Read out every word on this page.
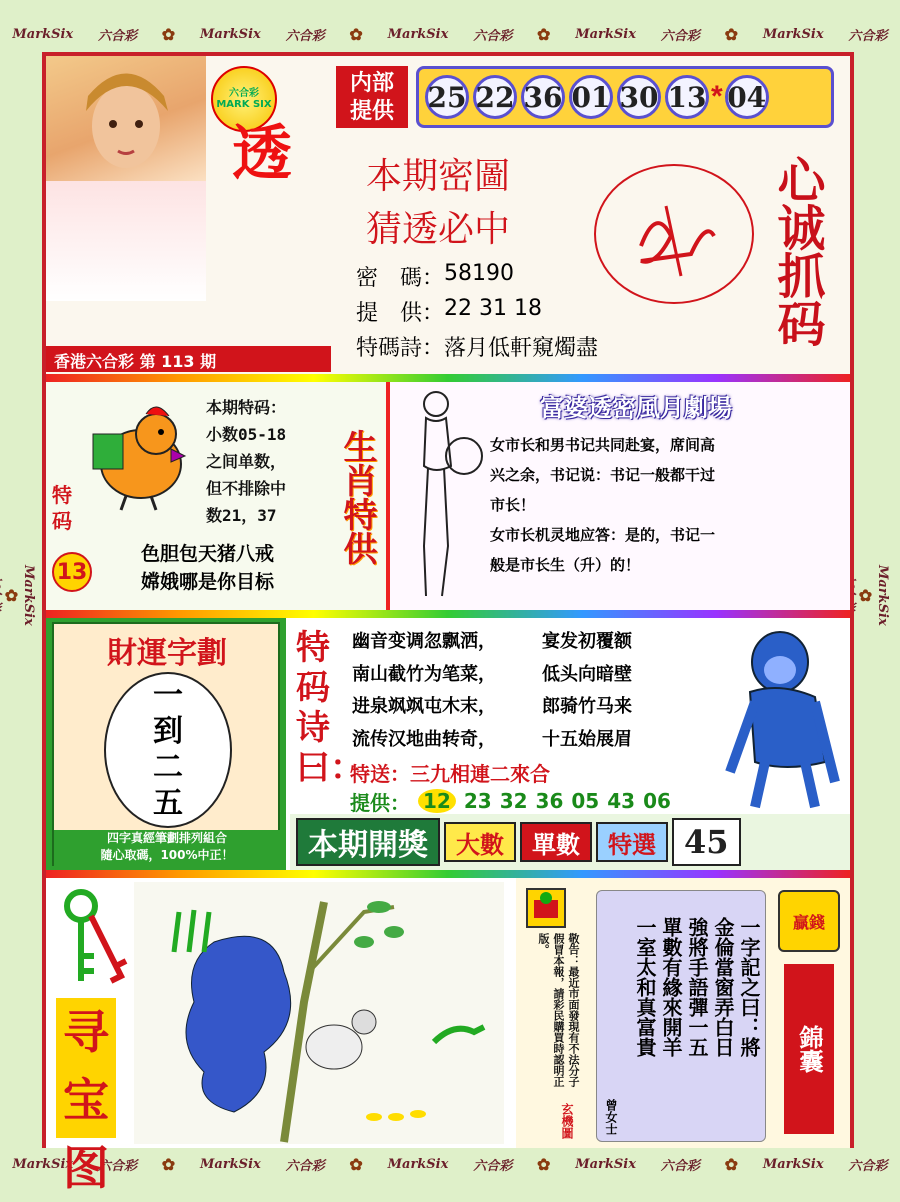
MarkSix 六合彩 ✿ MarkSix 六合彩 ✿ MarkSix 六合彩 ✿ MarkSix 六合彩 ✿ MarkSix 六合彩
MarkSix 六合彩 ✿ MarkSix 六合彩 ✿ MarkSix 六合彩 ✿ MarkSix 六合彩 ✿ MarkSix 六合彩
MarkSix
✿	MarkSix
✿
六合彩 MARK SIX
透
内部提供	25 22 36 01 30 13 * 04
本期密圖
猜透必中
密　碼： 58190
提　供： 22 31 18
特碼詩： 落月低軒窺燭盡
心诚抓码
香港六合彩 第 113 期
特码
13
本期特码：
小数05-18
之间单数，
但不排除中
数21，37
色胆包天猪八戒
嫦娥哪是你目标
生肖特供
富婆透密風月劇場
女市长和男书记共同赴宴，席间高
兴之余，书记说：书记一般都干过
市长！
女市长机灵地应答：是的，书记一
般是市长生（升）的！
財運字劃
一
到
二
五
四字真經筆劃排列組合
隨心取碼，100%中正！
特码诗曰：
幽音变调忽飘洒，	宴发初覆额
南山截竹为笔菜，	低头向暗壁
进泉飒飒屯木末，	郎骑竹马来
流传汉地曲转奇，	十五始展眉
特送： 三九相連二來合
提供： 12 23 32 36 05 43 06
本期開獎	大數	單數	特選 45
寻宝图
敬告：最近市面發現有不法分子假冒本報，請彩民購買時認明正版。
玄機圖
一字記之曰：將
金倫當窗弄白日
強將手語彈一五
單數有緣來開羊
一室太和真富貴
曾女士
贏錢
錦囊
